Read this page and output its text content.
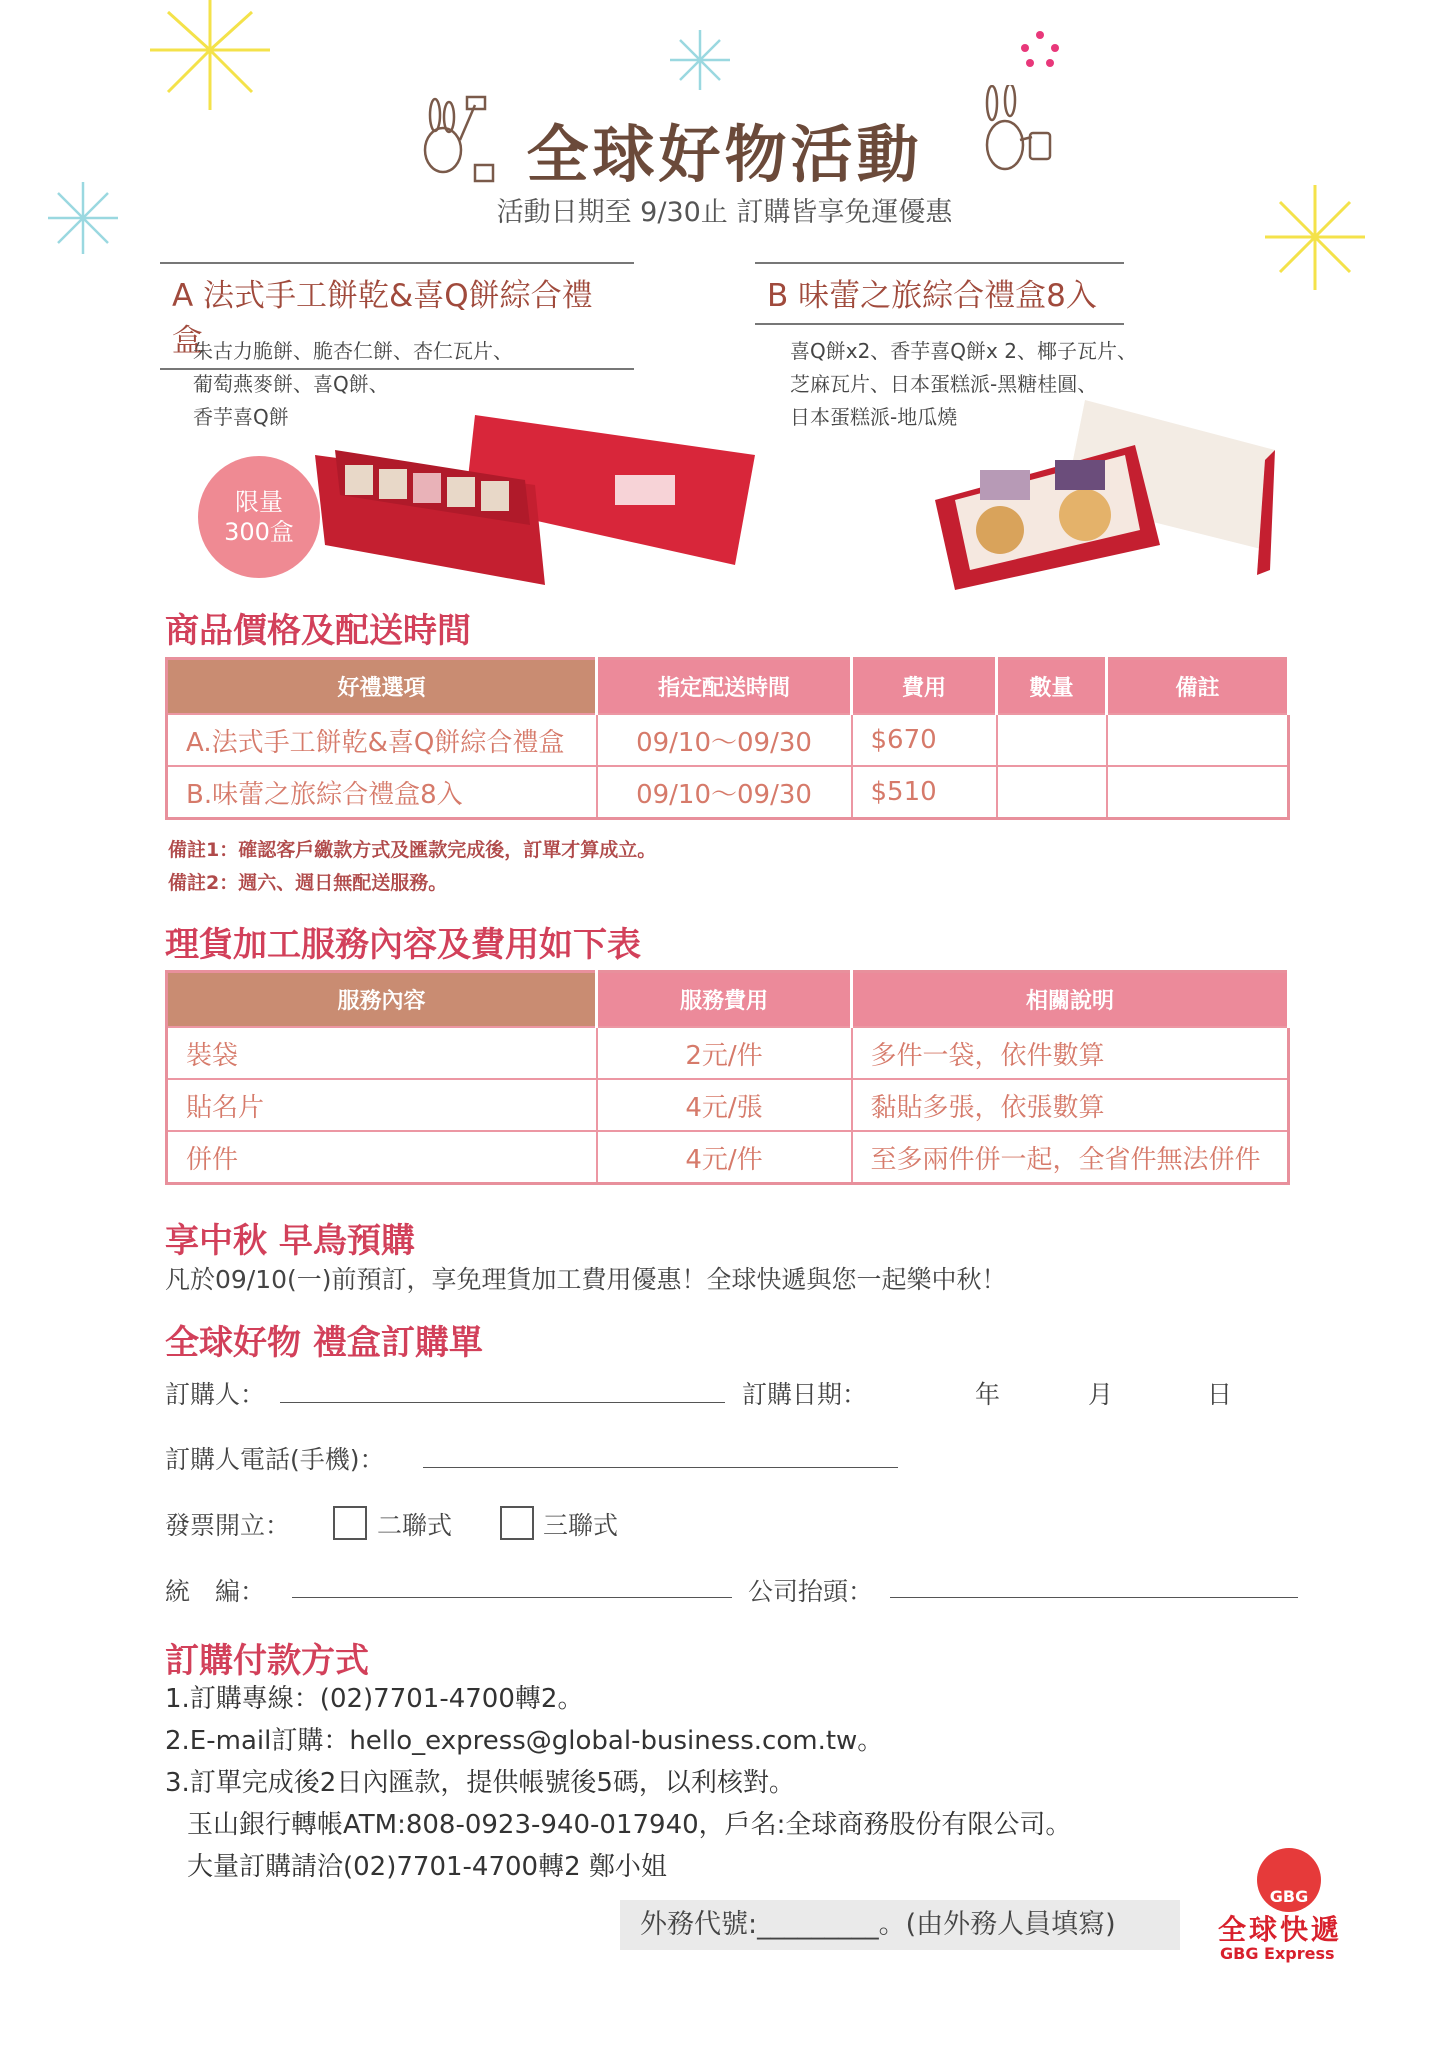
全球好物活動
活動日期至 9/30止 訂購皆享免運優惠
A 法式手工餅乾&喜Q餅綜合禮盒
朱古力脆餅、脆杏仁餅、杏仁瓦片、
葡萄燕麥餅、喜Q餅、
香芋喜Q餅
限量
300盒
B 味蕾之旅綜合禮盒8入
喜Q餅x2、香芋喜Q餅x 2、椰子瓦片、
芝麻瓦片、日本蛋糕派-黑糖桂圓、
日本蛋糕派-地瓜燒
商品價格及配送時間
好禮選項	指定配送時間	費用	數量	備註
A.法式手工餅乾&喜Q餅綜合禮盒	09/10～09/30	$670		
B.味蕾之旅綜合禮盒8入	09/10～09/30	$510		
備註1：確認客戶繳款方式及匯款完成後，訂單才算成立。
備註2：週六、週日無配送服務。
理貨加工服務內容及費用如下表
服務內容	服務費用	相關說明
裝袋	2元/件	多件一袋，依件數算
貼名片	4元/張	黏貼多張，依張數算
併件	4元/件	至多兩件併一起，全省件無法併件
享中秋 早鳥預購
凡於09/10(一)前預訂，享免理貨加工費用優惠！全球快遞與您一起樂中秋！
全球好物 禮盒訂購單
訂購人：	訂購日期：	年	月	日
訂購人電話(手機)：
發票開立：	二聯式	三聯式
統　編：	公司抬頭：
訂購付款方式
1.訂購專線：(02)7701-4700轉2。
2.E-mail訂購：hello_express@global-business.com.tw。
3.訂單完成後2日內匯款，提供帳號後5碼，以利核對。
玉山銀行轉帳ATM:808-0923-940-017940，戶名:全球商務股份有限公司。
大量訂購請洽(02)7701-4700轉2 鄭小姐
外務代號:_________。(由外務人員填寫)
GBG
全球快遞
GBG Express
